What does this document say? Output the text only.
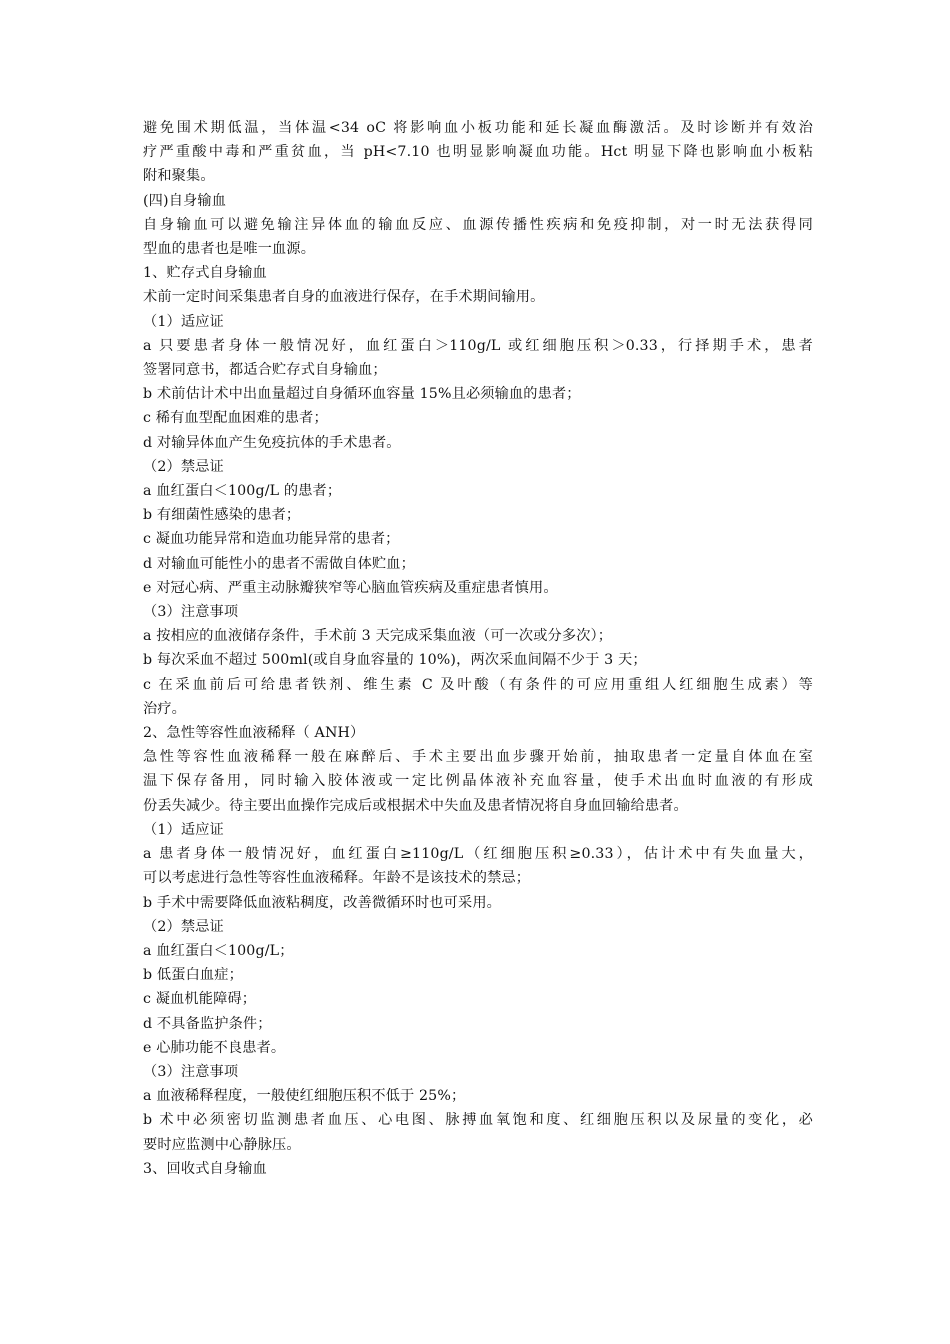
避免围术期低温，当体温<34 oC 将影响血小板功能和延长凝血酶激活。及时诊断并有效治
疗严重酸中毒和严重贫血，当 pH<7.10 也明显影响凝血功能。Hct 明显下降也影响血小板粘
附和聚集。
(四)自身输血
自身输血可以避免输注异体血的输血反应、血源传播性疾病和免疫抑制，对一时无法获得同
型血的患者也是唯一血源。
1、贮存式自身输血
术前一定时间采集患者自身的血液进行保存，在手术期间输用。
（1）适应证
a 只要患者身体一般情况好，血红蛋白＞110g/L 或红细胞压积＞0.33，行择期手术，患者
签署同意书，都适合贮存式自身输血；
b 术前估计术中出血量超过自身循环血容量 15%且必须输血的患者；
c 稀有血型配血困难的患者；
d 对输异体血产生免疫抗体的手术患者。
（2）禁忌证
a 血红蛋白＜100g/L 的患者；
b 有细菌性感染的患者；
c 凝血功能异常和造血功能异常的患者；
d 对输血可能性小的患者不需做自体贮血；
e 对冠心病、严重主动脉瓣狭窄等心脑血管疾病及重症患者慎用。
（3）注意事项
a 按相应的血液储存条件，手术前 3 天完成采集血液（可一次或分多次）；
b 每次采血不超过 500ml(或自身血容量的 10%)，两次采血间隔不少于 3 天；
c 在采血前后可给患者铁剂、维生素 C 及叶酸（有条件的可应用重组人红细胞生成素）等
治疗。
2、急性等容性血液稀释（ ANH）
急性等容性血液稀释一般在麻醉后、手术主要出血步骤开始前，抽取患者一定量自体血在室
温下保存备用，同时输入胶体液或一定比例晶体液补充血容量，使手术出血时血液的有形成
份丢失减少。待主要出血操作完成后或根据术中失血及患者情况将自身血回输给患者。
（1）适应证
a 患者身体一般情况好，血红蛋白≥110g/L（红细胞压积≥0.33），估计术中有失血量大，
可以考虑进行急性等容性血液稀释。年龄不是该技术的禁忌；
b 手术中需要降低血液粘稠度，改善微循环时也可采用。
（2）禁忌证
a 血红蛋白＜100g/L；
b 低蛋白血症；
c 凝血机能障碍；
d 不具备监护条件；
e 心肺功能不良患者。
（3）注意事项
a 血液稀释程度，一般使红细胞压积不低于 25%；
b 术中必须密切监测患者血压、心电图、脉搏血氧饱和度、红细胞压积以及尿量的变化，必
要时应监测中心静脉压。
3、回收式自身输血
